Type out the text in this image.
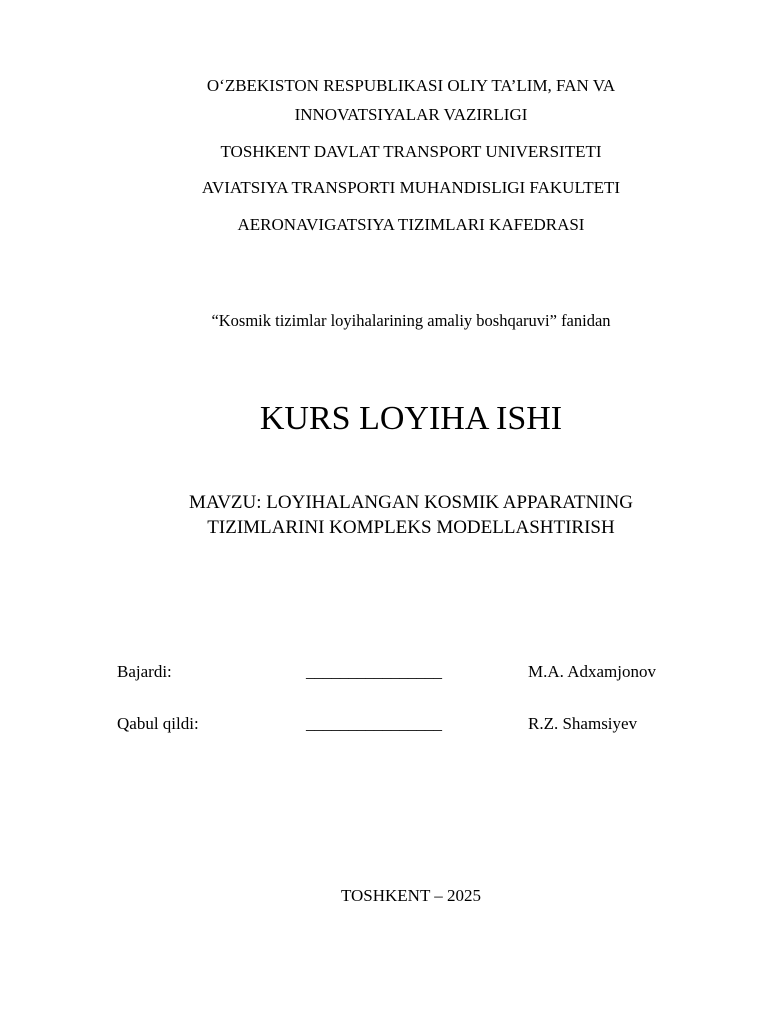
O‘ZBEKISTON RESPUBLIKASI OLIY TA’LIM, FAN VA
INNOVATSIYALAR VAZIRLIGI
TOSHKENT DAVLAT TRANSPORT UNIVERSITETI
AVIATSIYA TRANSPORTI MUHANDISLIGI FAKULTETI
AERONAVIGATSIYA TIZIMLARI KAFEDRASI
“Kosmik tizimlar loyihalarining amaliy boshqaruvi” fanidan
KURS LOYIHA ISHI
MAVZU: LOYIHALANGAN KOSMIK APPARATNING
TIZIMLARINI KOMPLEKS MODELLASHTIRISH
Bajardi:	________________	M.A. Adxamjonov
Qabul qildi:	________________	R.Z. Shamsiyev
TOSHKENT – 2025
